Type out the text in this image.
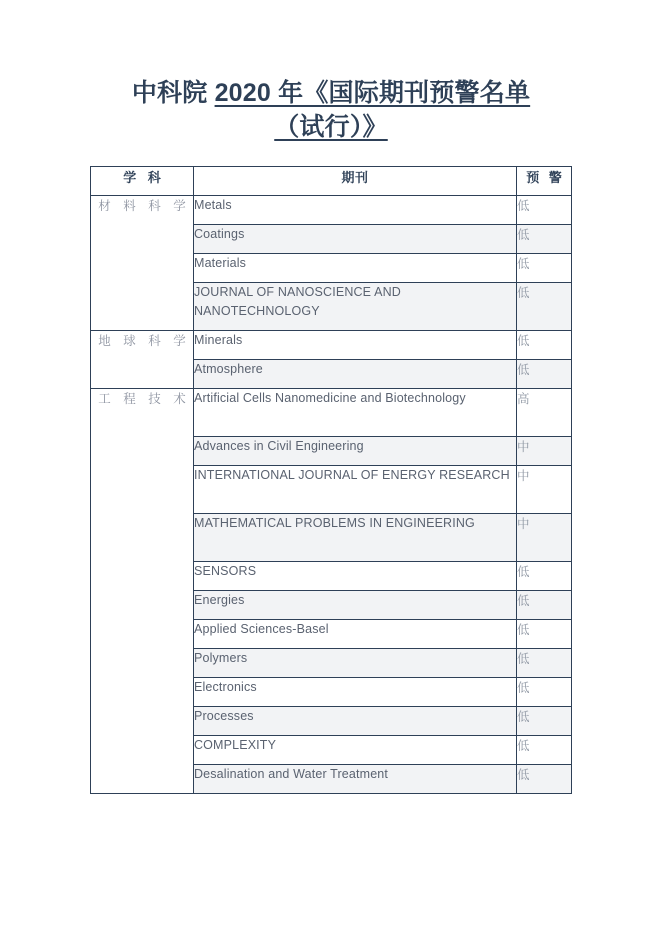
中科院 2020 年《国际期刊预警名单
（试行）》
学 科	期刊	预 警
材 料 科 学	Metals	低
	Coatings	低
	Materials	低
	JOURNAL OF NANOSCIENCE AND NANOTECHNOLOGY	低
地 球 科 学	Minerals	低
	Atmosphere	低
工 程 技 术	Artificial Cells Nanomedicine and Biotechnology	高
	Advances in Civil Engineering	中
	INTERNATIONAL JOURNAL OF ENERGY RESEARCH	中
	MATHEMATICAL PROBLEMS IN ENGINEERING	中
	SENSORS	低
	Energies	低
	Applied Sciences-Basel	低
	Polymers	低
	Electronics	低
	Processes	低
	COMPLEXITY	低
	Desalination and Water Treatment	低
